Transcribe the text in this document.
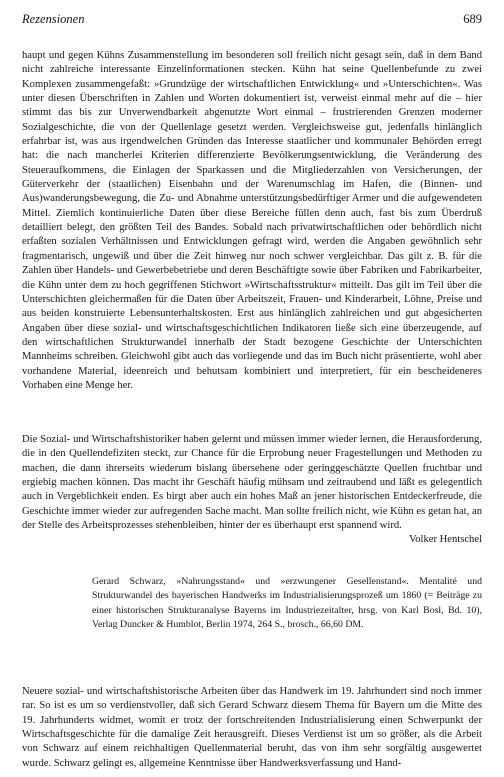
Rezensionen	689

haupt und gegen Kühns Zusammenstellung im besonderen soll freilich nicht gesagt sein, daß in dem Band nicht zahlreiche interessante Einzelinformationen stecken. Kühn hat seine Quellenbefunde zu zwei Komplexen zusammengefaßt: »Grundzüge der wirtschaftlichen Entwicklung« und »Unterschichten«. Was unter diesen Überschriften in Zahlen und Worten dokumentiert ist, verweist einmal mehr auf die – hier stimmt das bis zur Unverwendbarkeit abgenutzte Wort einmal – frustrierenden Grenzen moderner Sozialgeschichte, die von der Quellenlage gesetzt werden. Vergleichsweise gut, jedenfalls hinlänglich erfahrbar ist, was aus irgendwelchen Gründen das Interesse staatlicher und kommunaler Behörden erregt hat: die nach mancherlei Kriterien differenzierte Bevölkerungsentwicklung, die Veränderung des Steueraufkommens, die Einlagen der Sparkassen und die Mitgliederzahlen von Versicherungen, der Güterverkehr der (staatlichen) Eisenbahn und der Warenumschlag im Hafen, die (Binnen- und Aus)wanderungsbewegung, die Zu- und Abnahme unterstützungsbedürftiger Armer und die aufgewendeten Mittel. Ziemlich kontinuierliche Daten über diese Bereiche füllen denn auch, fast bis zum Überdruß detailliert belegt, den größten Teil des Bandes. Sobald nach privatwirtschaftlichen oder behördlich nicht erfaßten sozialen Verhältnissen und Entwicklungen gefragt wird, werden die Angaben gewöhnlich sehr fragmentarisch, ungewiß und über die Zeit hinweg nur noch schwer vergleichbar. Das gilt z. B. für die Zahlen über Handels- und Gewerbebetriebe und deren Beschäftigte sowie über Fabriken und Fabrikarbeiter, die Kühn unter dem zu hoch gegriffenen Stichwort »Wirtschaftsstruktur« mitteilt. Das gilt im Teil über die Unterschichten gleichermaßen für die Daten über Arbeitszeit, Frauen- und Kinderarbeit, Löhne, Preise und aus beiden konstruierte Lebensunterhaltskosten. Erst aus hinlänglich zahlreichen und gut abgesicherten Angaben über diese sozial- und wirtschaftsgeschichtlichen Indikatoren ließe sich eine überzeugende, auf den wirtschaftlichen Strukturwandel innerhalb der Stadt bezogene Geschichte der Unterschichten Mannheims schreiben. Gleichwohl gibt auch das vorliegende und das im Buch nicht präsentierte, wohl aber vorhandene Material, ideenreich und behutsam kombiniert und interpretiert, für ein bescheideneres Vorhaben eine Menge her.

Die Sozial- und Wirtschaftshistoriker haben gelernt und müssen immer wieder lernen, die Herausforderung, die in den Quellendefiziten steckt, zur Chance für die Erprobung neuer Fragestellungen und Methoden zu machen, die dann ihrerseits wiederum bislang übersehene oder geringgeschätzte Quellen fruchtbar und ergiebig machen können. Das macht ihr Geschäft häufig mühsam und zeitraubend und läßt es gelegentlich auch in Vergeblichkeit enden. Es birgt aber auch ein hohes Maß an jener historischen Entdeckerfreude, die Geschichte immer wieder zur aufregenden Sache macht. Man sollte freilich nicht, wie Kühn es getan hat, an der Stelle des Arbeitsprozesses stehenbleiben, hinter der es überhaupt erst spannend wird.
Volker Hentschel

Gerard Schwarz, »Nahrungsstand« und »erzwungener Gesellenstand«. Mentalité und Strukturwandel des bayerischen Handwerks im Industrialisierungsprozeß um 1860 (= Beiträge zu einer historischen Strukturanalyse Bayerns im Industriezeitalter, hrsg. von Karl Bosl, Bd. 10), Verlag Duncker & Humblot, Berlin 1974, 264 S., brosch., 66,60 DM.

Neuere sozial- und wirtschaftshistorische Arbeiten über das Handwerk im 19. Jahrhundert sind noch immer rar. So ist es um so verdienstvoller, daß sich Gerard Schwarz diesem Thema für Bayern um die Mitte des 19. Jahrhunderts widmet, womit er trotz der fortschreitenden Industrialisierung einen Schwerpunkt der Wirtschaftsgeschichte für die damalige Zeit herausgreift. Dieses Verdienst ist um so größer, als die Arbeit von Schwarz auf einem reichhaltigen Quellenmaterial beruht, das von ihm sehr sorgfältig ausgewertet wurde. Schwarz gelingt es, allgemeine Kenntnisse über Handwerksverfassung und Hand-
